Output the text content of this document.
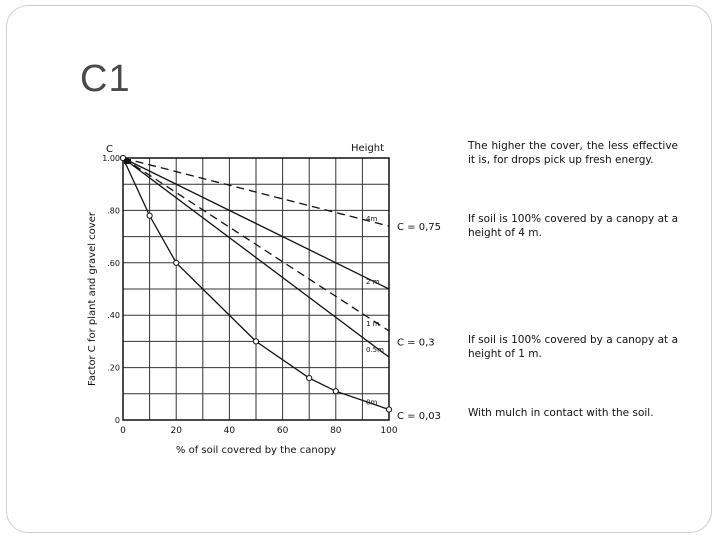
C1
0	20	40	60	80	100
0
.20
.40
.60
.80
1.00
% of soil covered by the canopy
Factor C for plant and gravel cover
C	Height
4m
2 m
1 m
0.5m
0m
C = 0,75
C = 0,3
C = 0,03
The higher the cover, the less effective it is, for drops pick up fresh energy.
If soil is 100% covered by a canopy at a height of 4 m.
If soil is 100% covered by a canopy at a height of 1 m.
With mulch in contact with the soil.
